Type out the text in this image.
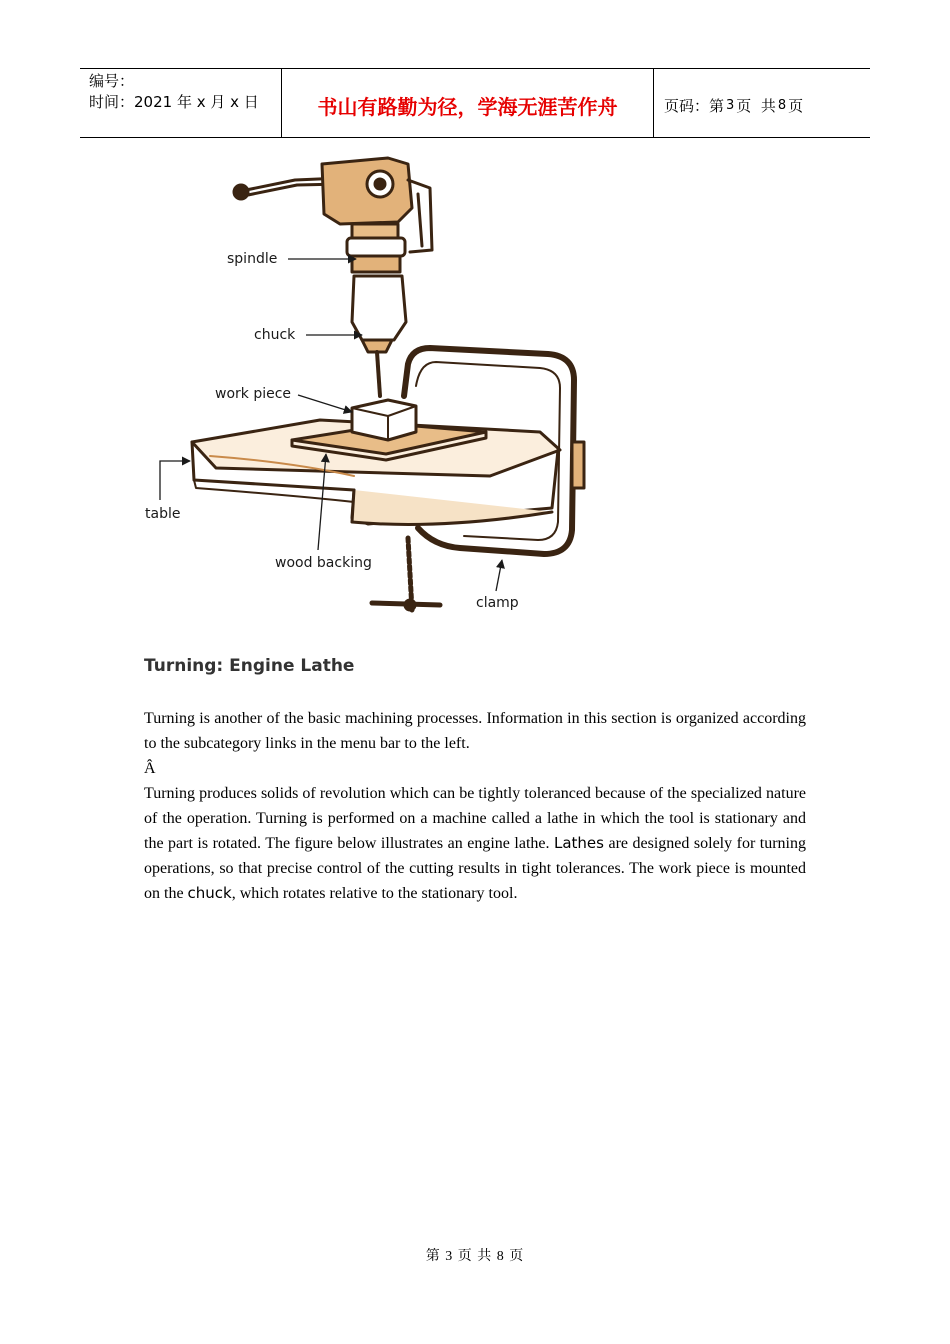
编号：
时间：2021 年 x 月 x 日	书山有路勤为径，学海无涯苦作舟	页码：第 3 页  共 8 页
spindle
chuck
work piece
table
wood backing
clamp
Turning: Engine Lathe

Turning is another of the basic machining processes. Information in this section is organized according to the subcategory links in the menu bar to the left.

Â

Turning produces solids of revolution which can be tightly toleranced because of the specialized nature of the operation. Turning is performed on a machine called a lathe in which the tool is stationary and the part is rotated. The figure below illustrates an engine lathe. Lathes are designed solely for turning operations, so that precise control of the cutting results in tight tolerances. The work piece is mounted on the chuck, which rotates relative to the stationary tool.

第 3 页 共 8 页
